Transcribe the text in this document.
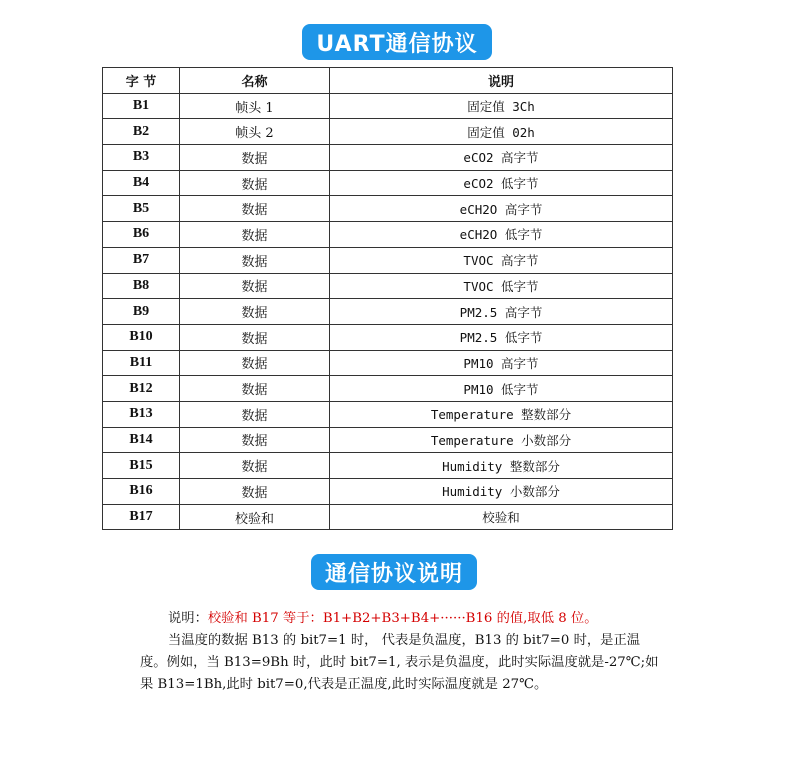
UART通信协议
字 节	名称	说明
B1	帧头 1	固定值 3Ch
B2	帧头 2	固定值 02h
B3	数据	eCO2 高字节
B4	数据	eCO2 低字节
B5	数据	eCH2O 高字节
B6	数据	eCH2O 低字节
B7	数据	TVOC 高字节
B8	数据	TVOC 低字节
B9	数据	PM2.5 高字节
B10	数据	PM2.5 低字节
B11	数据	PM10 高字节
B12	数据	PM10 低字节
B13	数据	Temperature 整数部分
B14	数据	Temperature 小数部分
B15	数据	Humidity 整数部分
B16	数据	Humidity 小数部分
B17	校验和	校验和
通信协议说明

说明：校验和 B17 等于：B1+B2+B3+B4+······B16 的值,取低 8 位。

当温度的数据 B13 的 bit7=1 时， 代表是负温度，B13 的 bit7=0 时，是正温度。例如，当 B13=9Bh 时，此时 bit7=1, 表示是负温度，此时实际温度就是-27℃;如果 B13=1Bh,此时 bit7=0,代表是正温度,此时实际温度就是 27℃。
